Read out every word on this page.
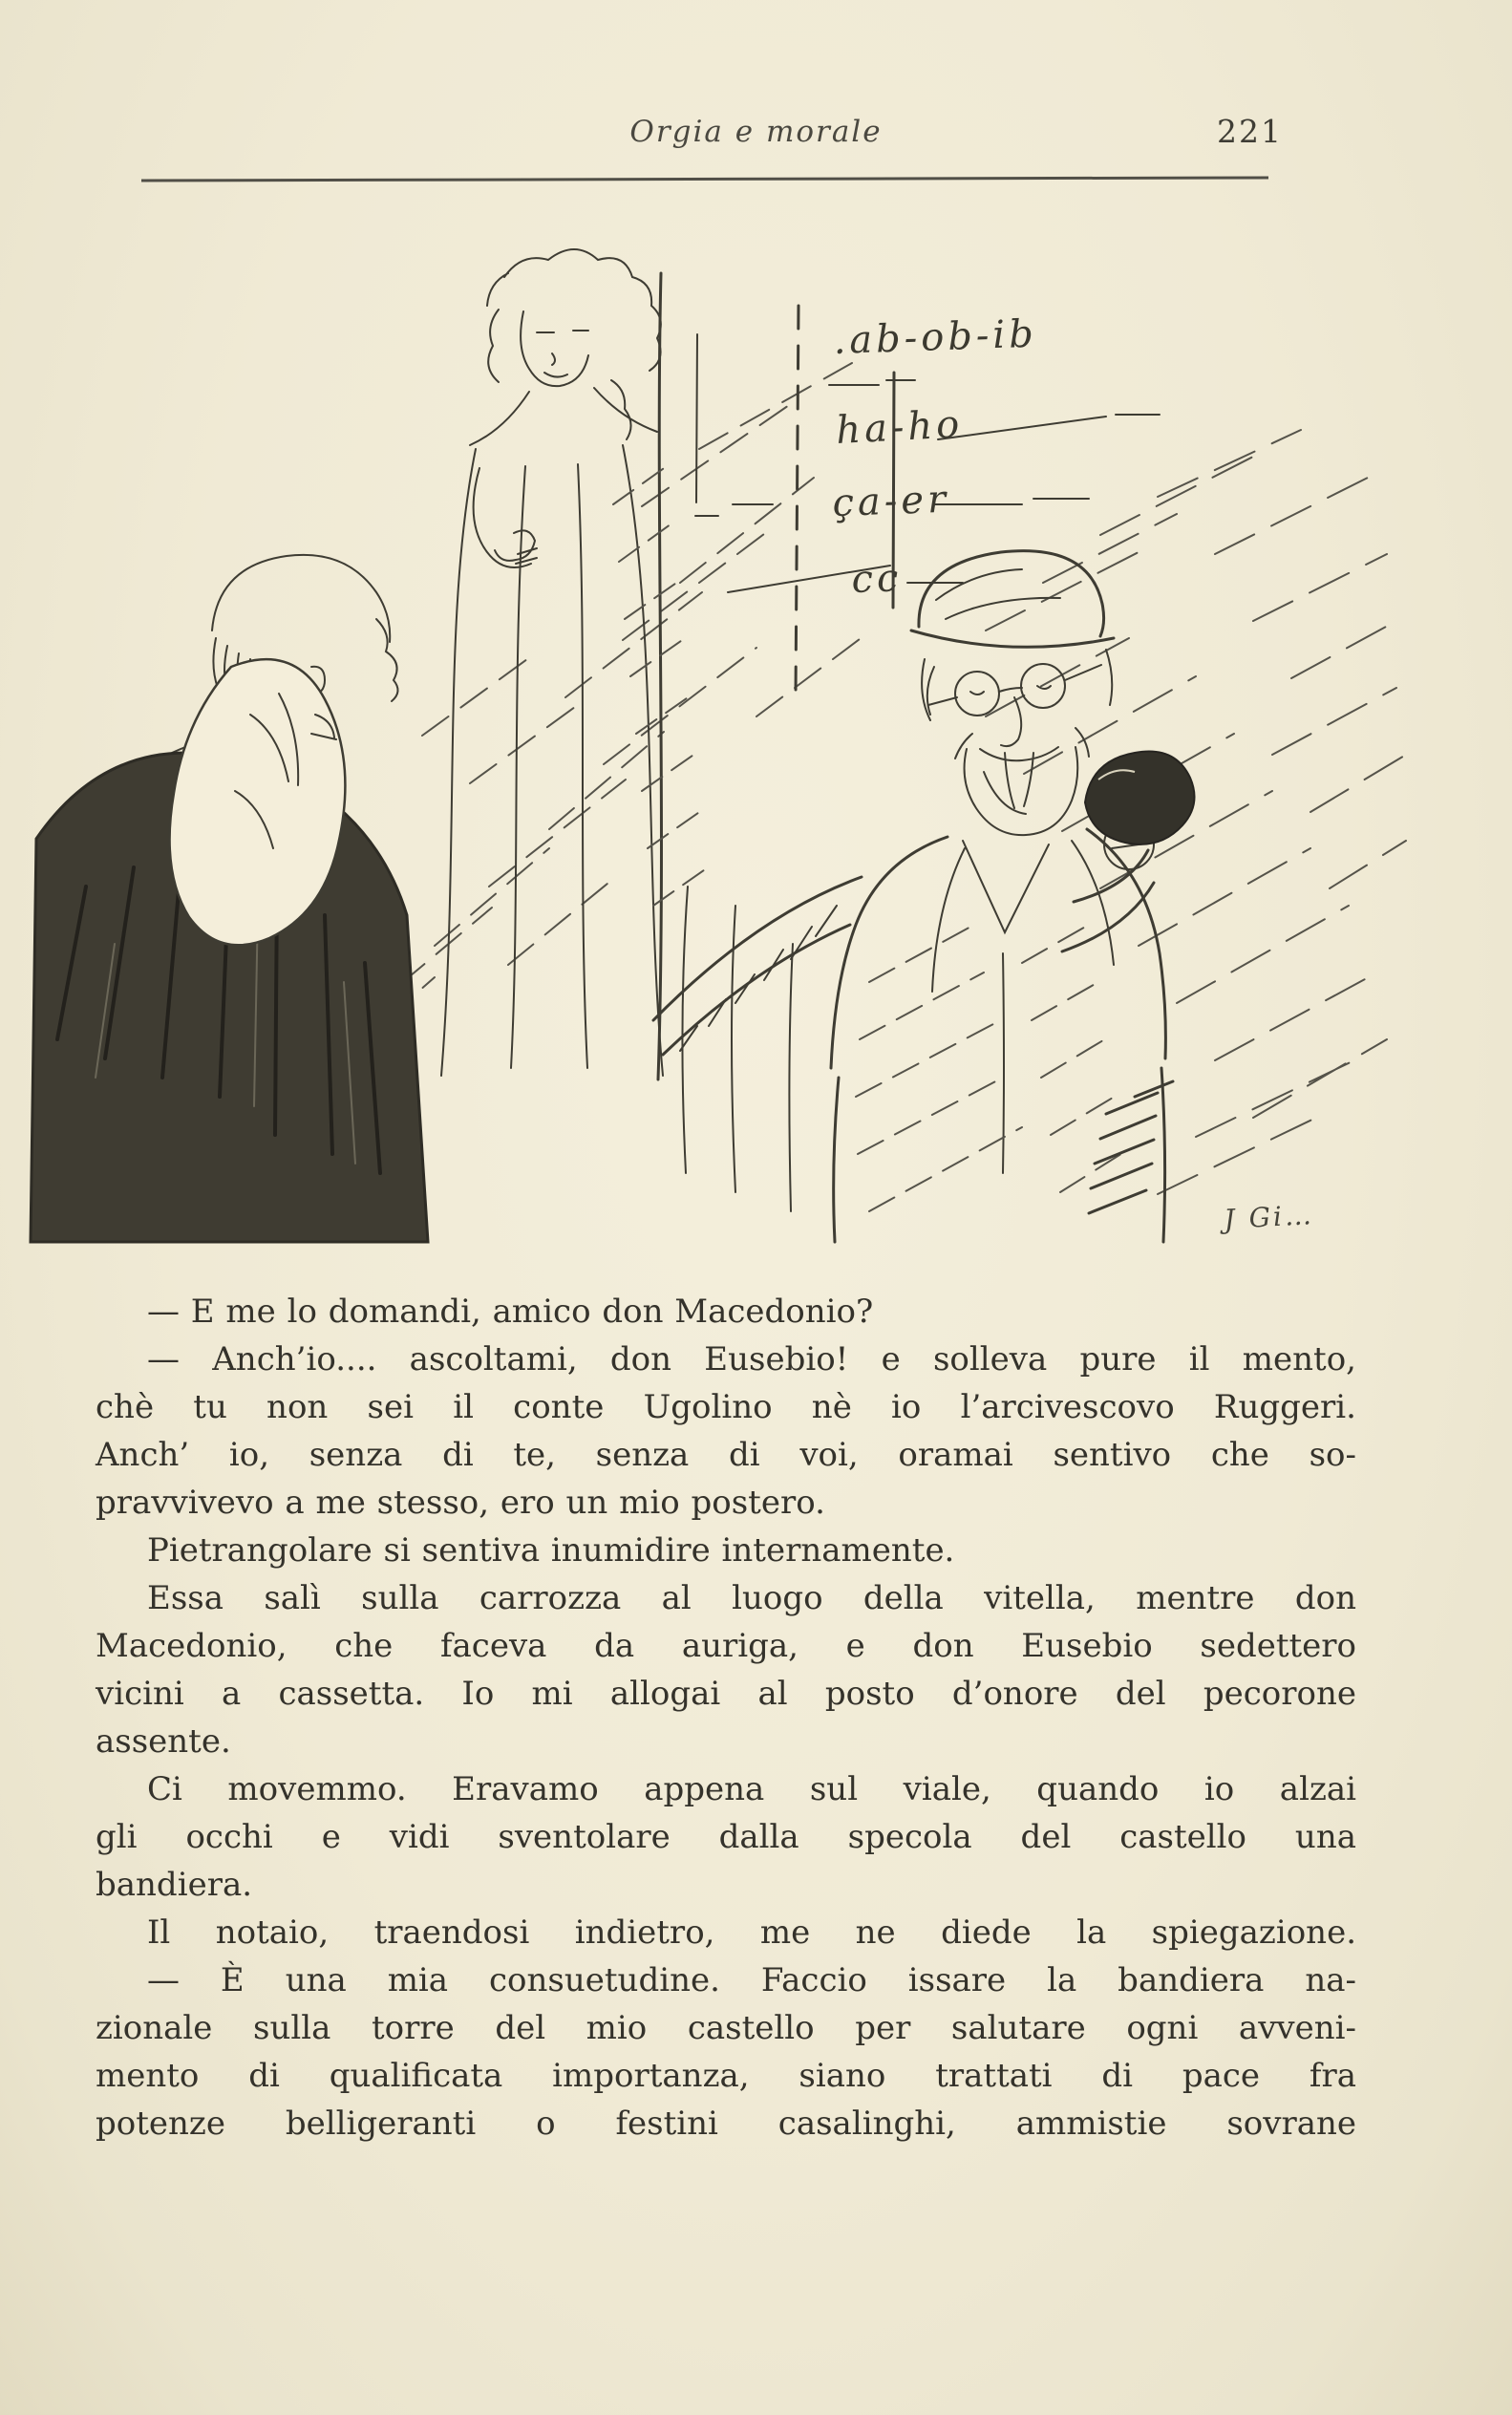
Orgia e morale	221
.ab-ob-ib
ha-ho
ça-er
cc
J Gi…
— E me lo domandi, amico don Macedonio?
— Anch’io.... ascoltami, don Eusebio! e solleva pure il mento,
chè tu non sei il conte Ugolino nè io l’arcivescovo Ruggeri.
Anch’ io, senza di te, senza di voi, oramai sentivo che so-
pravvivevo a me stesso, ero un mio postero.
Pietrangolare si sentiva inumidire internamente.
Essa salì sulla carrozza al luogo della vitella, mentre don
Macedonio, che faceva da auriga, e don Eusebio sedettero
vicini a cassetta. Io mi allogai al posto d’onore del pecorone
assente.
Ci movemmo. Eravamo appena sul viale, quando io alzai
gli occhi e vidi sventolare dalla specola del castello una
bandiera.
Il notaio, traendosi indietro, me ne diede la spiegazione.
— È una mia consuetudine. Faccio issare la bandiera na-
zionale sulla torre del mio castello per salutare ogni avveni-
mento di qualificata importanza, siano trattati di pace fra
potenze belligeranti o festini casalinghi, ammistie sovrane
